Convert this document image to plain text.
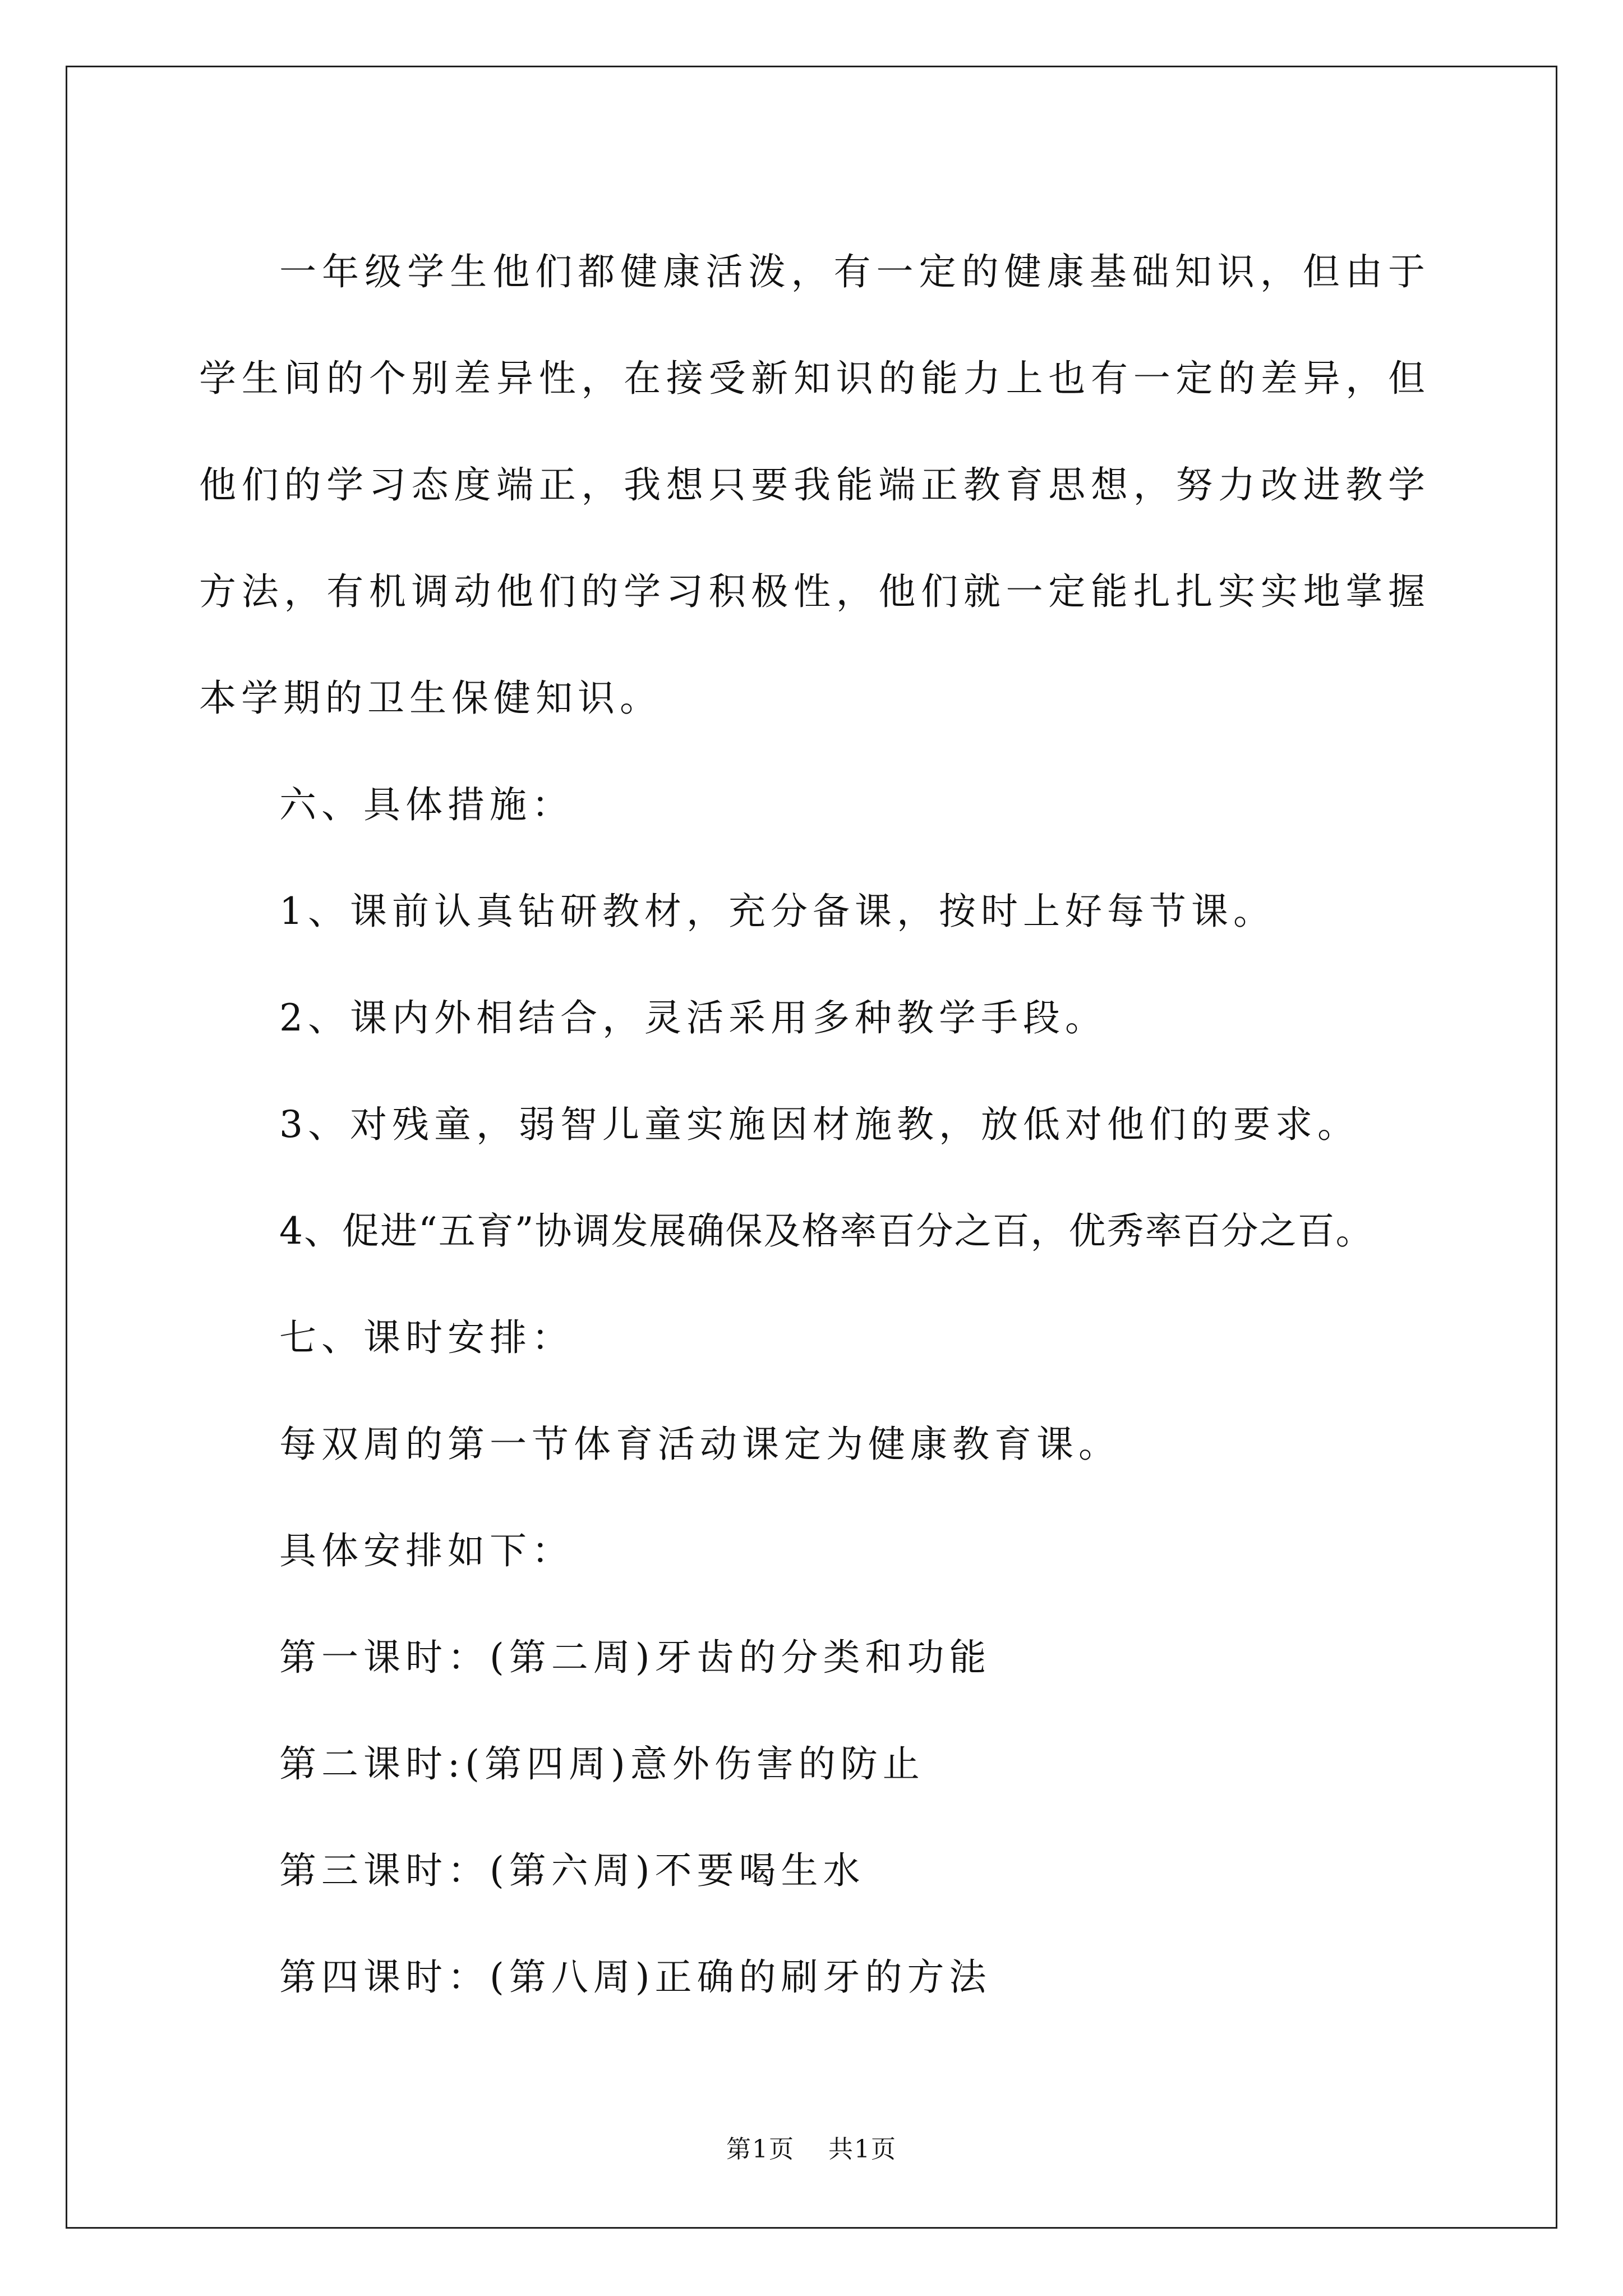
一年级学生他们都健康活泼，有一定的健康基础知识，但由于学生间的个别差异性，在接受新知识的能力上也有一定的差异，但他们的学习态度端正，我想只要我能端正教育思想，努力改进教学方法，有机调动他们的学习积极性，他们就一定能扎扎实实地掌握本学期的卫生保健知识。

六、具体措施：

1、课前认真钻研教材，充分备课，按时上好每节课。

2、课内外相结合，灵活采用多种教学手段。

3、对残童，弱智儿童实施因材施教，放低对他们的要求。

4、促进“五育”协调发展确保及格率百分之百，优秀率百分之百。

七、课时安排：

每双周的第一节体育活动课定为健康教育课。

具体安排如下：

第一课时：(第二周)牙齿的分类和功能

第二课时:(第四周)意外伤害的防止

第三课时：(第六周)不要喝生水

第四课时：(第八周)正确的刷牙的方法

第1页 共1页
